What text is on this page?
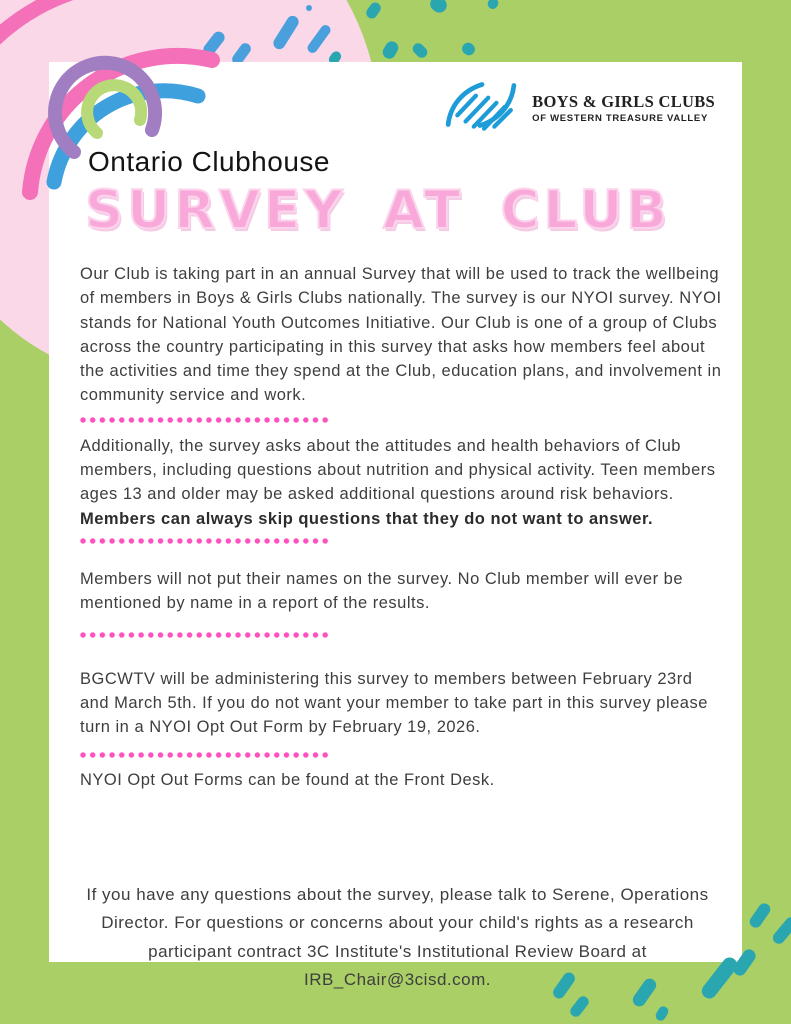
BOYS & GIRLS CLUBS
OF WESTERN TREASURE VALLEY
Ontario Clubhouse
SURVEY AT CLUB

Our Club is taking part in an annual Survey that will be used to track the wellbeing of members in Boys & Girls Clubs nationally. The survey is our NYOI survey. NYOI stands for National Youth Outcomes Initiative. Our Club is one of a group of Clubs across the country participating in this survey that asks how members feel about the activities and time they spend at the Club, education plans, and involvement in community service and work.

Additionally, the survey asks about the attitudes and health behaviors of Club members, including questions about nutrition and physical activity. Teen members ages 13 and older may be asked additional questions around risk behaviors. Members can always skip questions that they do not want to answer.

Members will not put their names on the survey. No Club member will ever be mentioned by name in a report of the results.

BGCWTV will be administering this survey to members between February 23rd and March 5th. If you do not want your member to take part in this survey please turn in a NYOI Opt Out Form by February 19, 2026.

NYOI Opt Out Forms can be found at the Front Desk.

If you have any questions about the survey, please talk to Serene, Operations Director. For questions or concerns about your child's rights as a research participant contract 3C Institute's Institutional Review Board at IRB_Chair@3cisd.com.
